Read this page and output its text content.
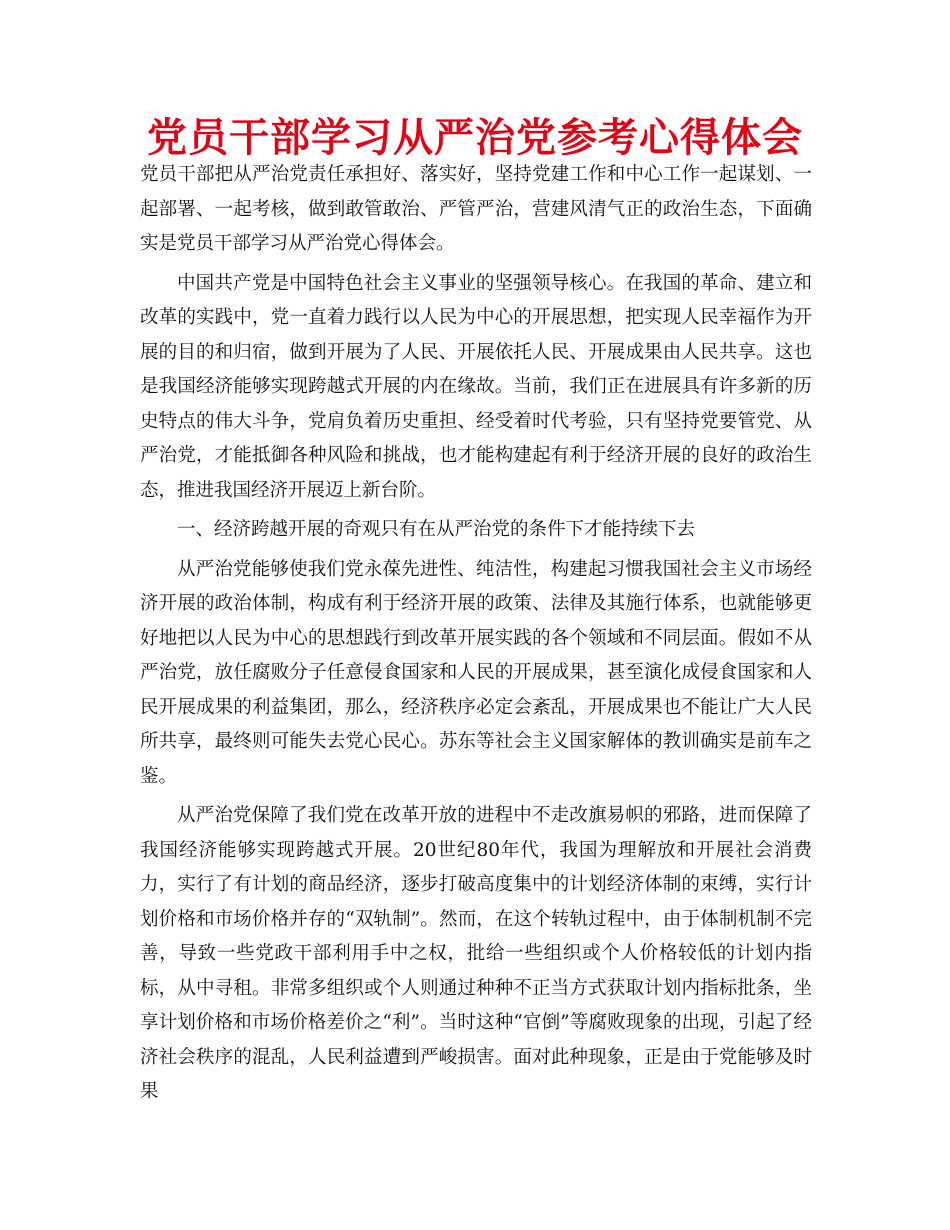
党员干部学习从严治党参考心得体会

党员干部把从严治党责任承担好、落实好，坚持党建工作和中心工作一起谋划、一起部署、一起考核，做到敢管敢治、严管严治，营建风清气正的政治生态，下面确实是党员干部学习从严治党心得体会。

中国共产党是中国特色社会主义事业的坚强领导核心。在我国的革命、建立和改革的实践中，党一直着力践行以人民为中心的开展思想，把实现人民幸福作为开展的目的和归宿，做到开展为了人民、开展依托人民、开展成果由人民共享。这也是我国经济能够实现跨越式开展的内在缘故。当前，我们正在进展具有许多新的历史特点的伟大斗争，党肩负着历史重担、经受着时代考验，只有坚持党要管党、从严治党，才能抵御各种风险和挑战，也才能构建起有利于经济开展的良好的政治生态，推进我国经济开展迈上新台阶。

一、经济跨越开展的奇观只有在从严治党的条件下才能持续下去

从严治党能够使我们党永葆先进性、纯洁性，构建起习惯我国社会主义市场经济开展的政治体制，构成有利于经济开展的政策、法律及其施行体系，也就能够更好地把以人民为中心的思想践行到改革开展实践的各个领域和不同层面。假如不从严治党，放任腐败分子任意侵食国家和人民的开展成果，甚至演化成侵食国家和人民开展成果的利益集团，那么，经济秩序必定会紊乱，开展成果也不能让广大人民所共享，最终则可能失去党心民心。苏东等社会主义国家解体的教训确实是前车之鉴。

从严治党保障了我们党在改革开放的进程中不走改旗易帜的邪路，进而保障了我国经济能够实现跨越式开展。20世纪80年代，我国为理解放和开展社会消费力，实行了有计划的商品经济，逐步打破高度集中的计划经济体制的束缚，实行计划价格和市场价格并存的“双轨制”。然而，在这个转轨过程中，由于体制机制不完善，导致一些党政干部利用手中之权，批给一些组织或个人价格较低的计划内指标，从中寻租。非常多组织或个人则通过种种不正当方式获取计划内指标批条，坐享计划价格和市场价格差价之“利”。当时这种“官倒”等腐败现象的出现，引起了经济社会秩序的混乱，人民利益遭到严峻损害。面对此种现象，正是由于党能够及时果
